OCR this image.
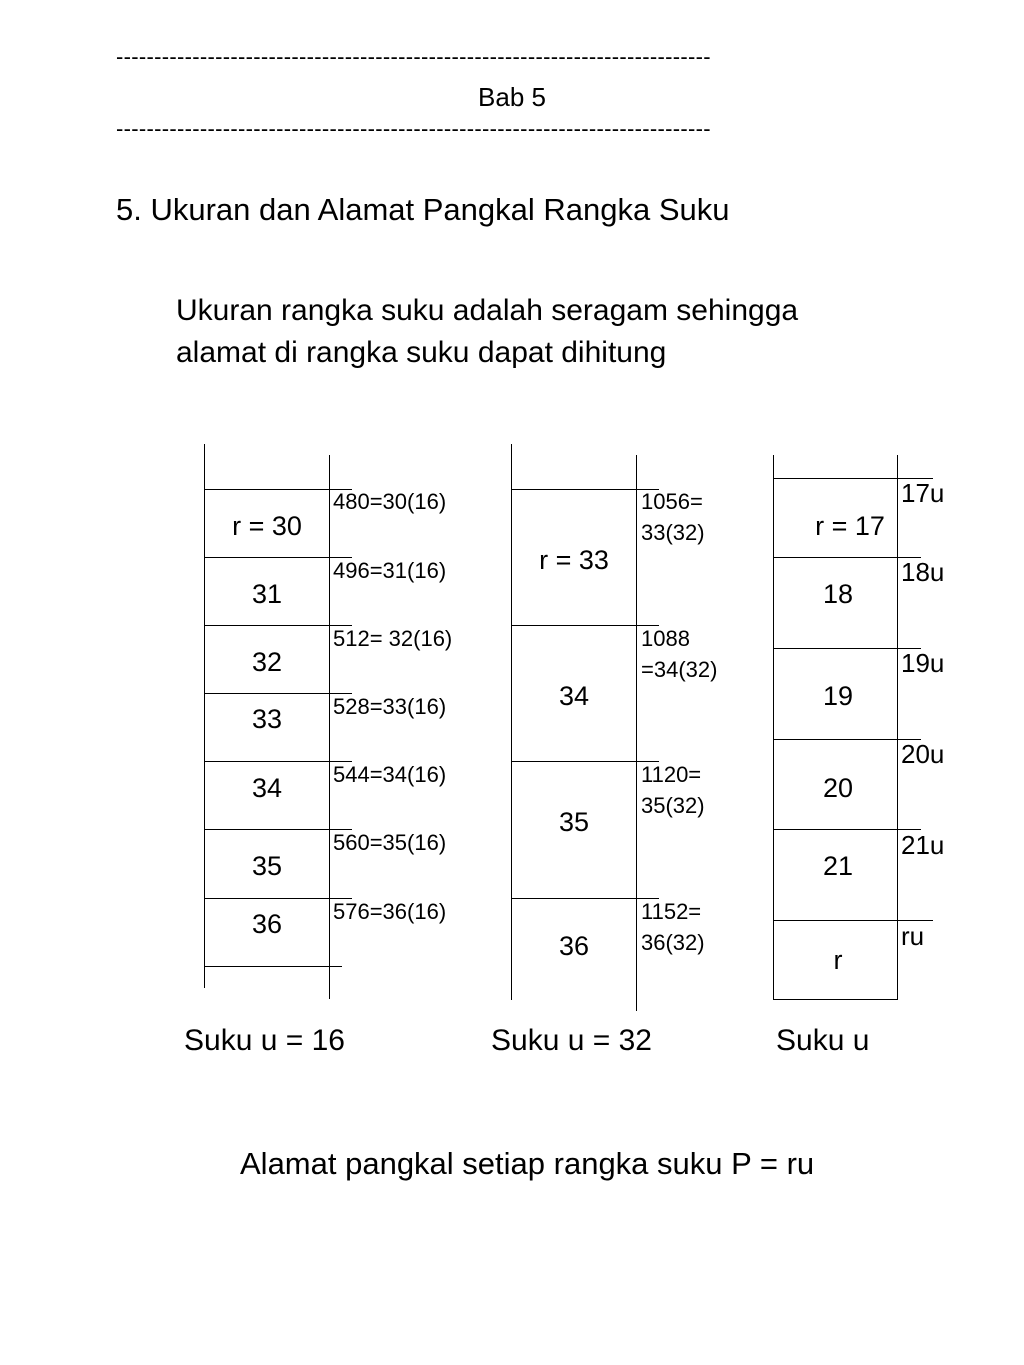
------------------------------------------------------------------------------
Bab 5
------------------------------------------------------------------------------
5. Ukuran dan Alamat Pangkal Rangka Suku
Ukuran rangka suku adalah seragam sehingga
alamat di rangka suku dapat dihitung
r = 30
31
32
33
34
35
36
480=30(16)
496=31(16)
512= 32(16)
528=33(16)
544=34(16)
560=35(16)
576=36(16)
Suku u = 16
r = 33
34
35
36
1056=
33(32)
1088
=34(32)
1120=
35(32)
1152=
36(32)
Suku u = 32
r = 17
18
19
20
21
r
17u
18u
19u
20u
21u
ru
Suku u
Alamat pangkal setiap rangka suku P = ru
